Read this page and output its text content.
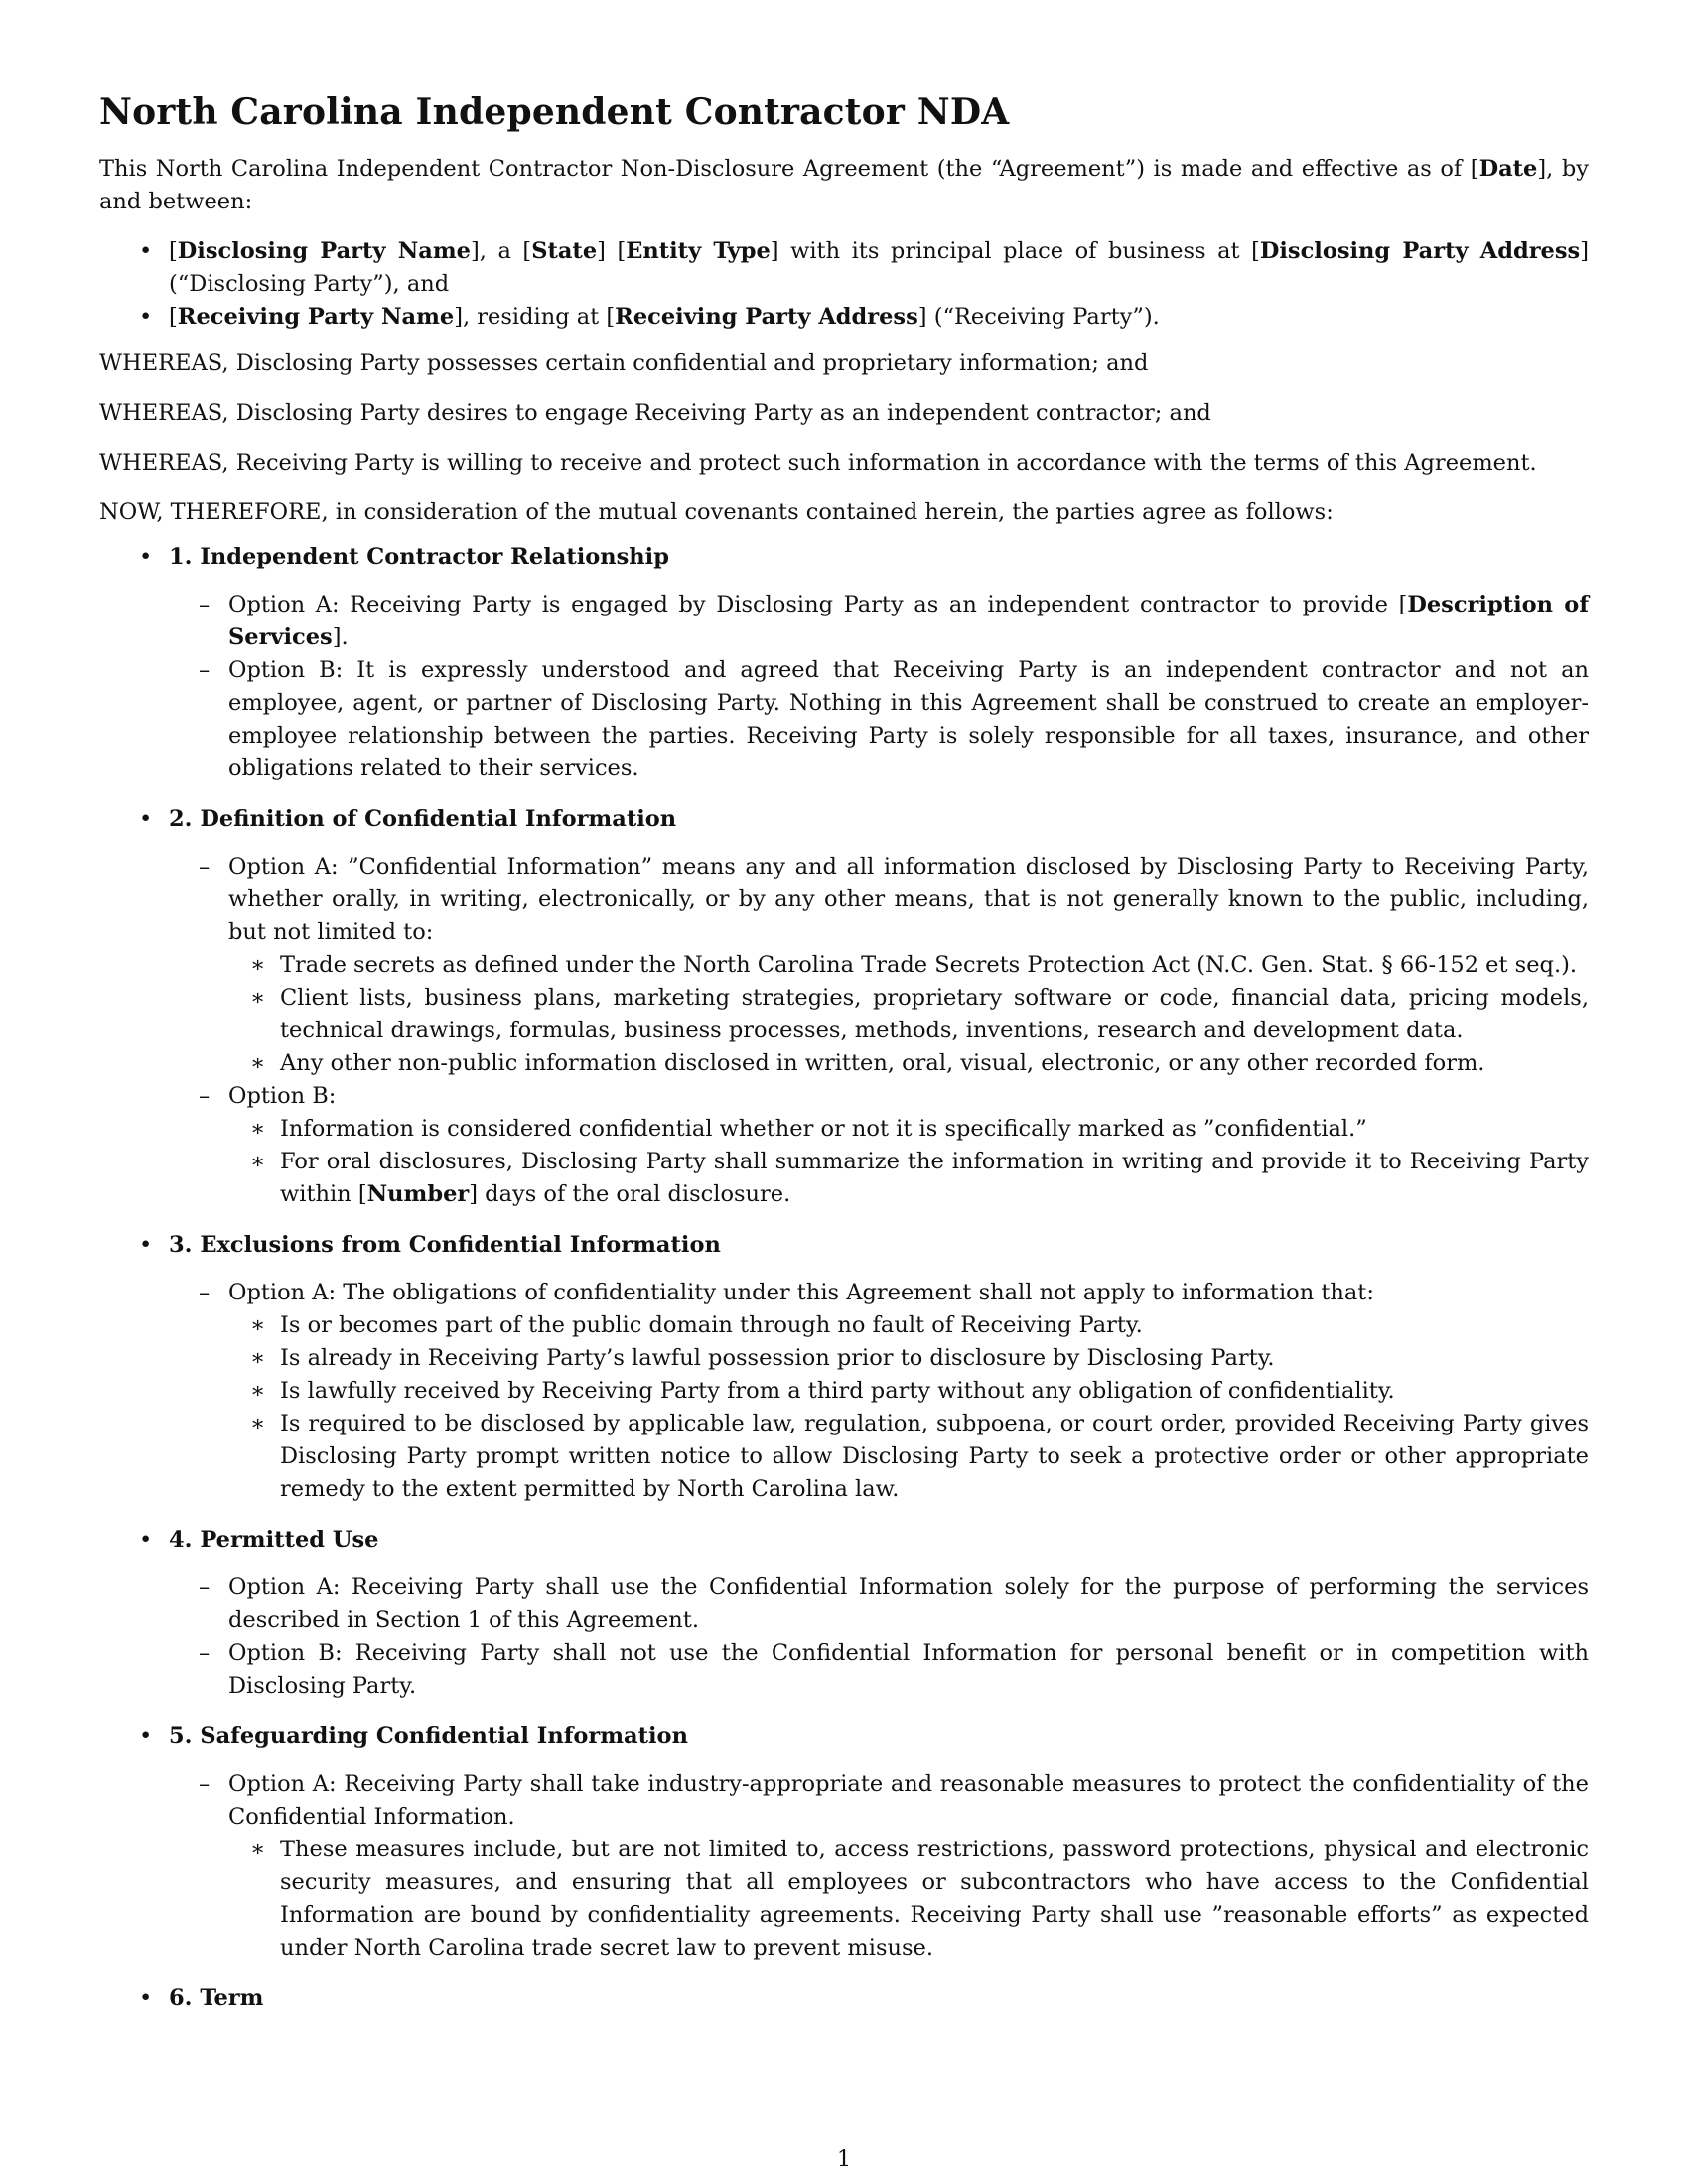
North Carolina Independent Contractor NDA

This North Carolina Independent Contractor Non-Disclosure Agreement (the “Agreement”) is made and effective as of [Date], by and between:

• [Disclosing Party Name], a [State] [Entity Type] with its principal place of business at [Disclosing Party Address] (“Disclosing Party”), and
• [Receiving Party Name], residing at [Receiving Party Address] (“Receiving Party”).

WHEREAS, Disclosing Party possesses certain confidential and proprietary information; and

WHEREAS, Disclosing Party desires to engage Receiving Party as an independent contractor; and

WHEREAS, Receiving Party is willing to receive and protect such information in accordance with the terms of this Agreement.

NOW, THEREFORE, in consideration of the mutual covenants contained herein, the parties agree as follows:

• 1. Independent Contractor Relationship
– Option A: Receiving Party is engaged by Disclosing Party as an independent contractor to provide [Description of Services].
– Option B: It is expressly understood and agreed that Receiving Party is an independent contractor and not an employee, agent, or partner of Disclosing Party. Nothing in this Agreement shall be construed to create an employer-employee relationship between the parties. Receiving Party is solely responsible for all taxes, insurance, and other obligations related to their services.
• 2. Definition of Confidential Information
– Option A: ”Confidential Information” means any and all information disclosed by Disclosing Party to Receiving Party, whether orally, in writing, electronically, or by any other means, that is not generally known to the public, including, but not limited to:
∗ Trade secrets as defined under the North Carolina Trade Secrets Protection Act (N.C. Gen. Stat. § 66-152 et seq.).
∗ Client lists, business plans, marketing strategies, proprietary software or code, financial data, pricing models, technical drawings, formulas, business processes, methods, inventions, research and development data.
∗ Any other non-public information disclosed in written, oral, visual, electronic, or any other recorded form.
– Option B:
∗ Information is considered confidential whether or not it is specifically marked as ”confidential.”
∗ For oral disclosures, Disclosing Party shall summarize the information in writing and provide it to Receiving Party within [Number] days of the oral disclosure.
• 3. Exclusions from Confidential Information
– Option A: The obligations of confidentiality under this Agreement shall not apply to information that:
∗ Is or becomes part of the public domain through no fault of Receiving Party.
∗ Is already in Receiving Party’s lawful possession prior to disclosure by Disclosing Party.
∗ Is lawfully received by Receiving Party from a third party without any obligation of confidentiality.
∗ Is required to be disclosed by applicable law, regulation, subpoena, or court order, provided Receiving Party gives Disclosing Party prompt written notice to allow Disclosing Party to seek a protective order or other appropriate remedy to the extent permitted by North Carolina law.
• 4. Permitted Use
– Option A: Receiving Party shall use the Confidential Information solely for the purpose of performing the services described in Section 1 of this Agreement.
– Option B: Receiving Party shall not use the Confidential Information for personal benefit or in competition with Disclosing Party.
• 5. Safeguarding Confidential Information
– Option A: Receiving Party shall take industry-appropriate and reasonable measures to protect the confidentiality of the Confidential Information.
∗ These measures include, but are not limited to, access restrictions, password protections, physical and electronic security measures, and ensuring that all employees or subcontractors who have access to the Confidential Information are bound by confidentiality agreements. Receiving Party shall use ”reasonable efforts” as expected under North Carolina trade secret law to prevent misuse.
• 6. Term
1
